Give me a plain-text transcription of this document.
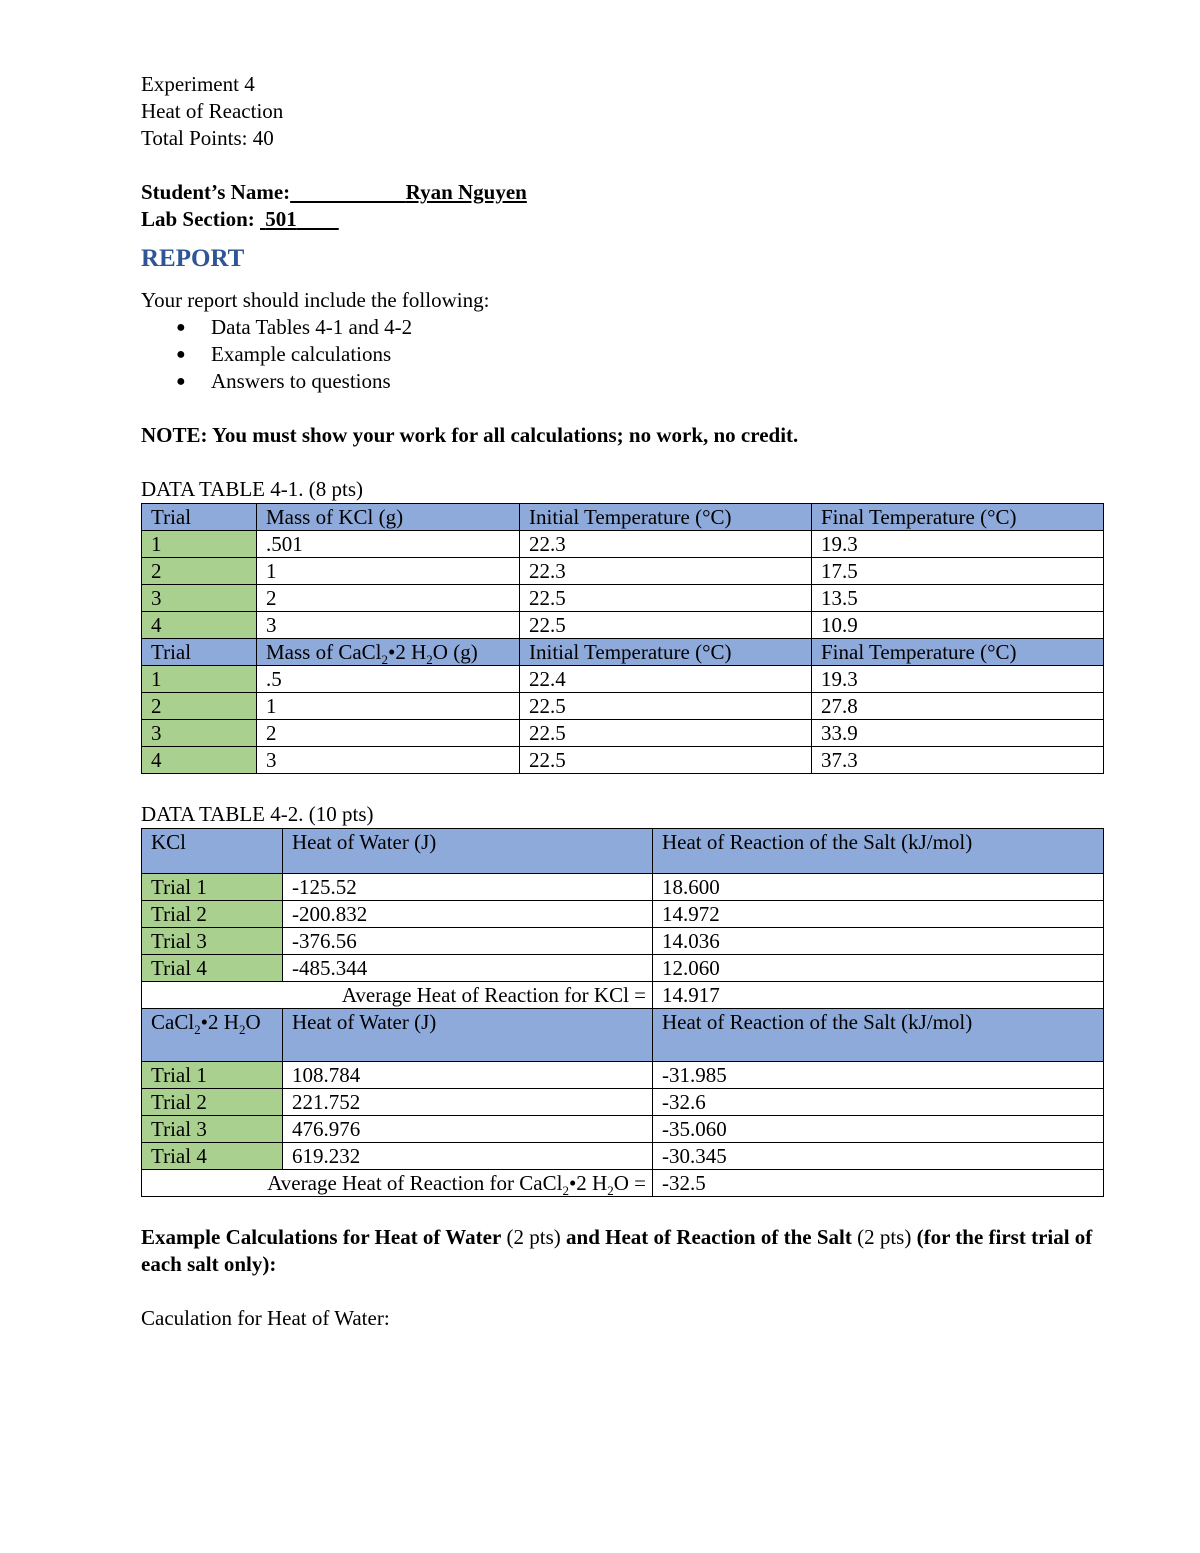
Experiment 4
Heat of Reaction
Total Points: 40
Student’s Name:	Ryan Nguyen
Lab Section: 501
REPORT
Your report should include the following:
● Data Tables 4-1 and 4-2
● Example calculations
● Answers to questions
NOTE: You must show your work for all calculations; no work, no credit.
DATA TABLE 4-1. (8 pts)
Trial	Mass of KCl (g)	Initial Temperature (°C)	Final Temperature (°C)
1	.501	22.3	19.3
2	1	22.3	17.5
3	2	22.5	13.5
4	3	22.5	10.9
Trial	Mass of CaCl$_2$•2 $H_2O$ (g)	Initial Temperature (°C)	Final Temperature (°C)
1	.5	22.4	19.3
2	1	22.5	27.8
3	2	22.5	33.9
4	3	22.5	37.3
DATA TABLE 4-2. (10 pts)
KCl	Heat of Water (J)	Heat of Reaction of the Salt (kJ/mol)
Trial 1	-125.52	18.600
Trial 2	-200.832	14.972
Trial 3	-376.56	14.036
Trial 4	-485.344	12.060
Average Heat of Reaction for KCl =		14.917
CaCl$_2$•2 $H_2O$	Heat of Water (J)	Heat of Reaction of the Salt (kJ/mol)
Trial 1	108.784	-31.985
Trial 2	221.752	-32.6
Trial 3	476.976	-35.060
Trial 4	619.232	-30.345
Average Heat of Reaction for CaCl$_2$•2 $H_2O$ =		-32.5
Example Calculations for Heat of Water (2 pts) and Heat of Reaction of the Salt (2 pts) (for the first trial of each salt only):
Caculation for Heat of Water:
